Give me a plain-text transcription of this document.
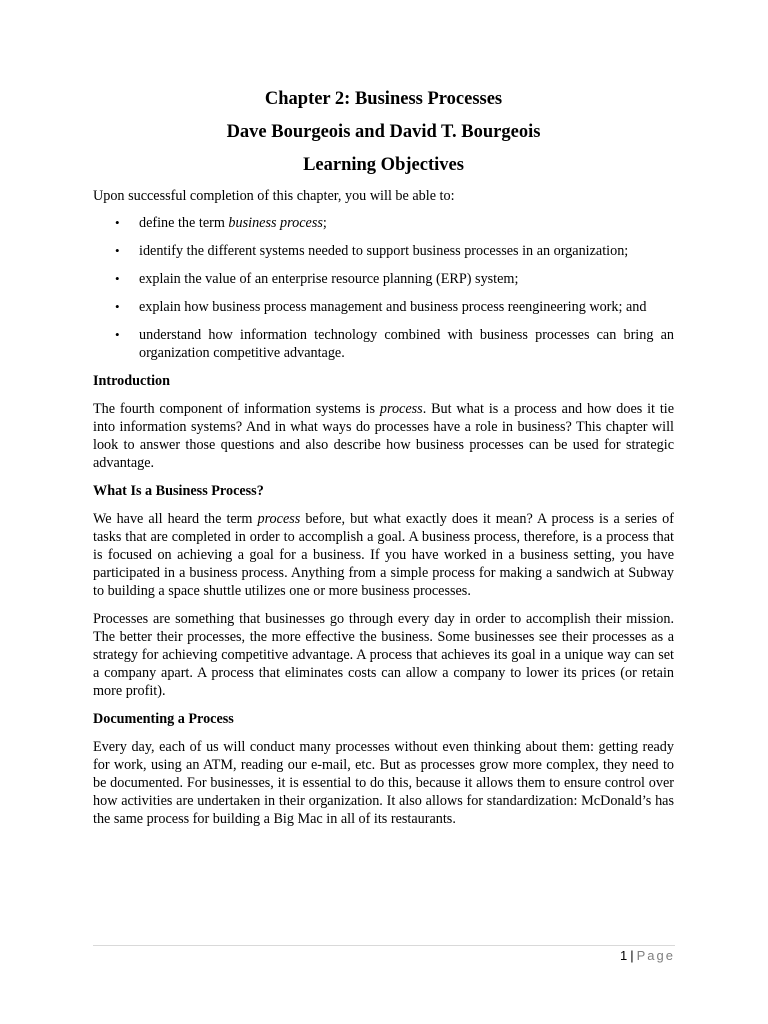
Chapter 2: Business Processes
Dave Bourgeois and David T. Bourgeois
Learning Objectives

Upon successful completion of this chapter, you will be able to:

• define the term business process;
• identify the different systems needed to support business processes in an organization;
• explain the value of an enterprise resource planning (ERP) system;
• explain how business process management and business process reengineering work; and
• understand how information technology combined with business processes can bring an organization competitive advantage.
Introduction

The fourth component of information systems is process. But what is a process and how does it tie into information systems? And in what ways do processes have a role in business? This chapter will look to answer those questions and also describe how business processes can be used for strategic advantage.

What Is a Business Process?

We have all heard the term process before, but what exactly does it mean? A process is a series of tasks that are completed in order to accomplish a goal. A business process, therefore, is a process that is focused on achieving a goal for a business. If you have worked in a business setting, you have participated in a business process. Anything from a simple process for making a sandwich at Subway to building a space shuttle utilizes one or more business processes.

Processes are something that businesses go through every day in order to accomplish their mission. The better their processes, the more effective the business. Some businesses see their processes as a strategy for achieving competitive advantage. A process that achieves its goal in a unique way can set a company apart. A process that eliminates costs can allow a company to lower its prices (or retain more profit).

Documenting a Process

Every day, each of us will conduct many processes without even thinking about them: getting ready for work, using an ATM, reading our e-mail, etc. But as processes grow more complex, they need to be documented. For businesses, it is essential to do this, because it allows them to ensure control over how activities are undertaken in their organization. It also allows for standardization: McDonald’s has the same process for building a Big Mac in all of its restaurants.

1 | Page
